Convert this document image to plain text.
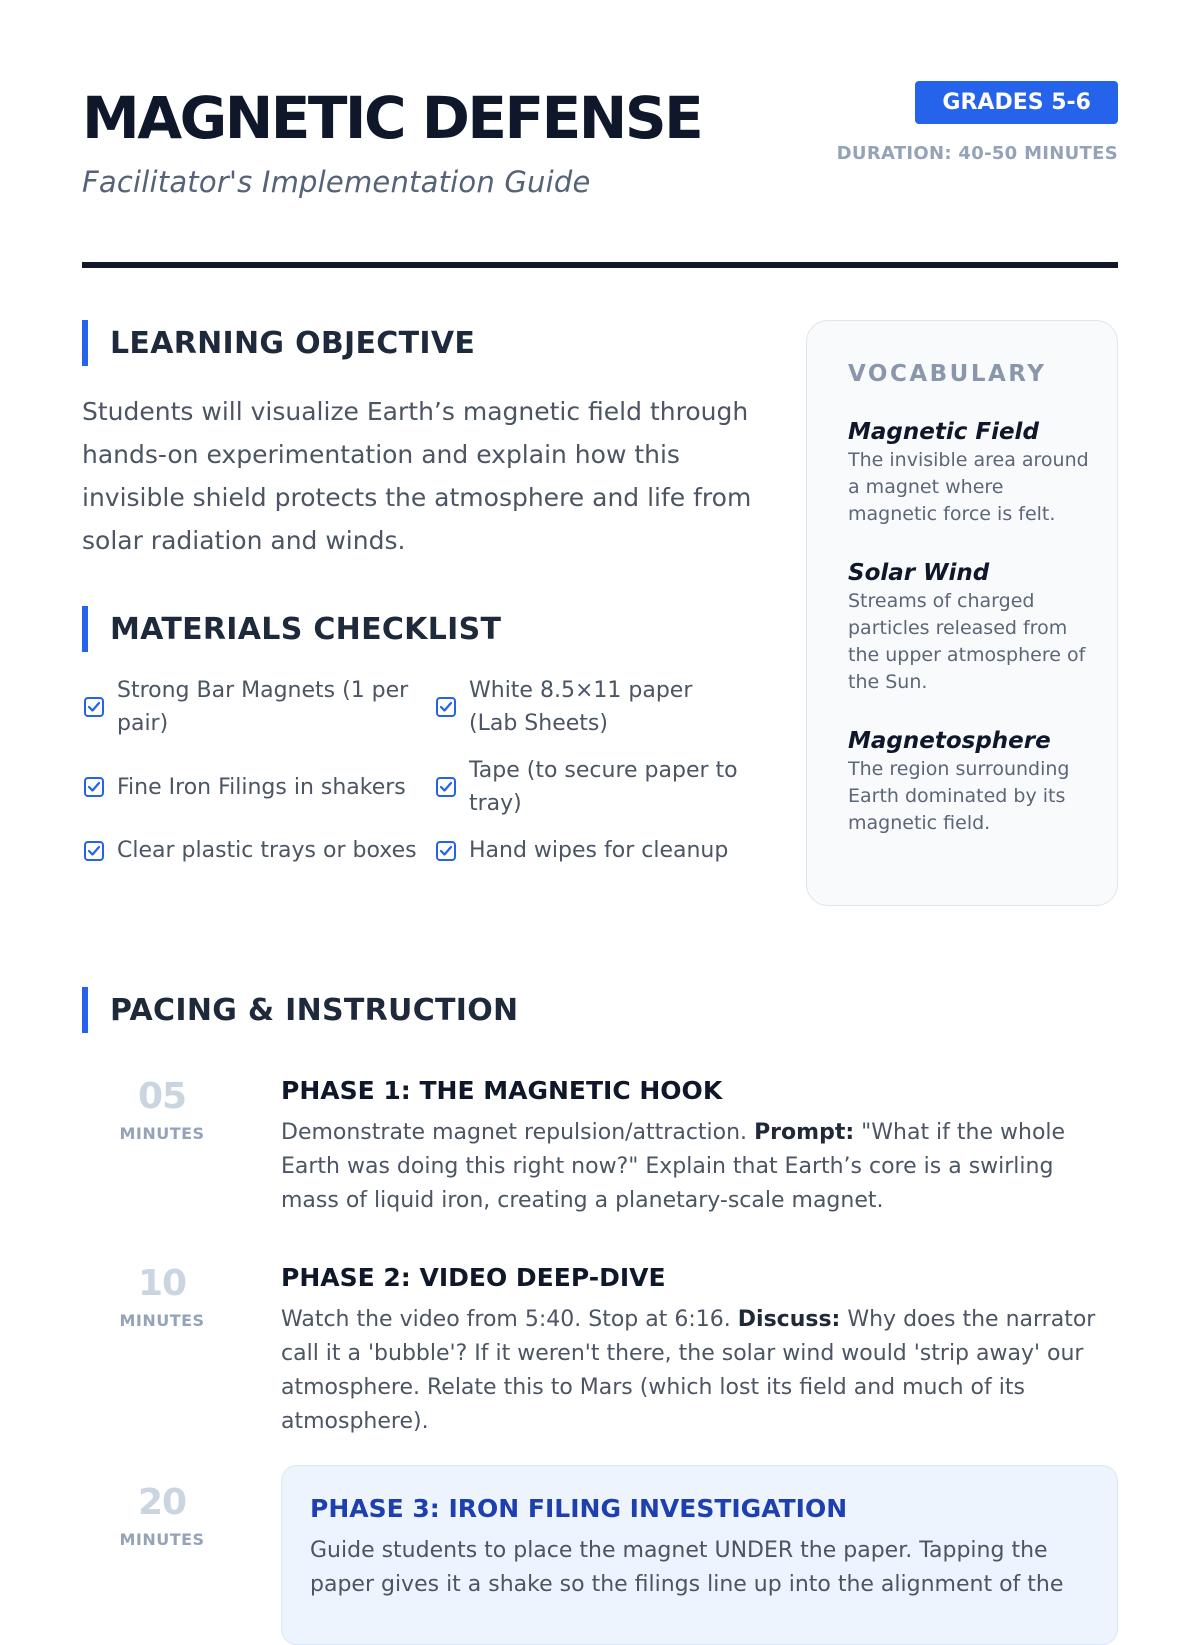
MAGNETIC DEFENSE
Facilitator's Implementation Guide
GRADES 5-6
DURATION: 40-50 MINUTES
LEARNING OBJECTIVE

Students will visualize Earth’s magnetic field through hands-on experimentation and explain how this invisible shield protects the atmosphere and life from solar radiation and winds.

MATERIALS CHECKLIST
Strong Bar Magnets (1 per pair)
White 8.5×11 paper (Lab Sheets)
Fine Iron Filings in shakers
Tape (to secure paper to tray)
Clear plastic trays or boxes Hand wipes for cleanup
VOCABULARY
Magnetic Field
The invisible area around a magnet where magnetic force is felt.
Solar Wind
Streams of charged particles released from the upper atmosphere of the Sun.
Magnetosphere
The region surrounding Earth dominated by its magnetic field.
PACING & INSTRUCTION
05
MINUTES
PHASE 1: THE MAGNETIC HOOK

Demonstrate magnet repulsion/attraction. Prompt: "What if the whole Earth was doing this right now?" Explain that Earth’s core is a swirling mass of liquid iron, creating a planetary-scale magnet.

10
MINUTES
PHASE 2: VIDEO DEEP-DIVE

Watch the video from 5:40. Stop at 6:16. Discuss: Why does the narrator call it a 'bubble'? If it weren't there, the solar wind would 'strip away' our atmosphere. Relate this to Mars (which lost its field and much of its atmosphere).

20
MINUTES
PHASE 3: IRON FILING INVESTIGATION

Guide students to place the magnet UNDER the paper. Tapping the paper gives it a shake so the filings line up into the alignment of the
